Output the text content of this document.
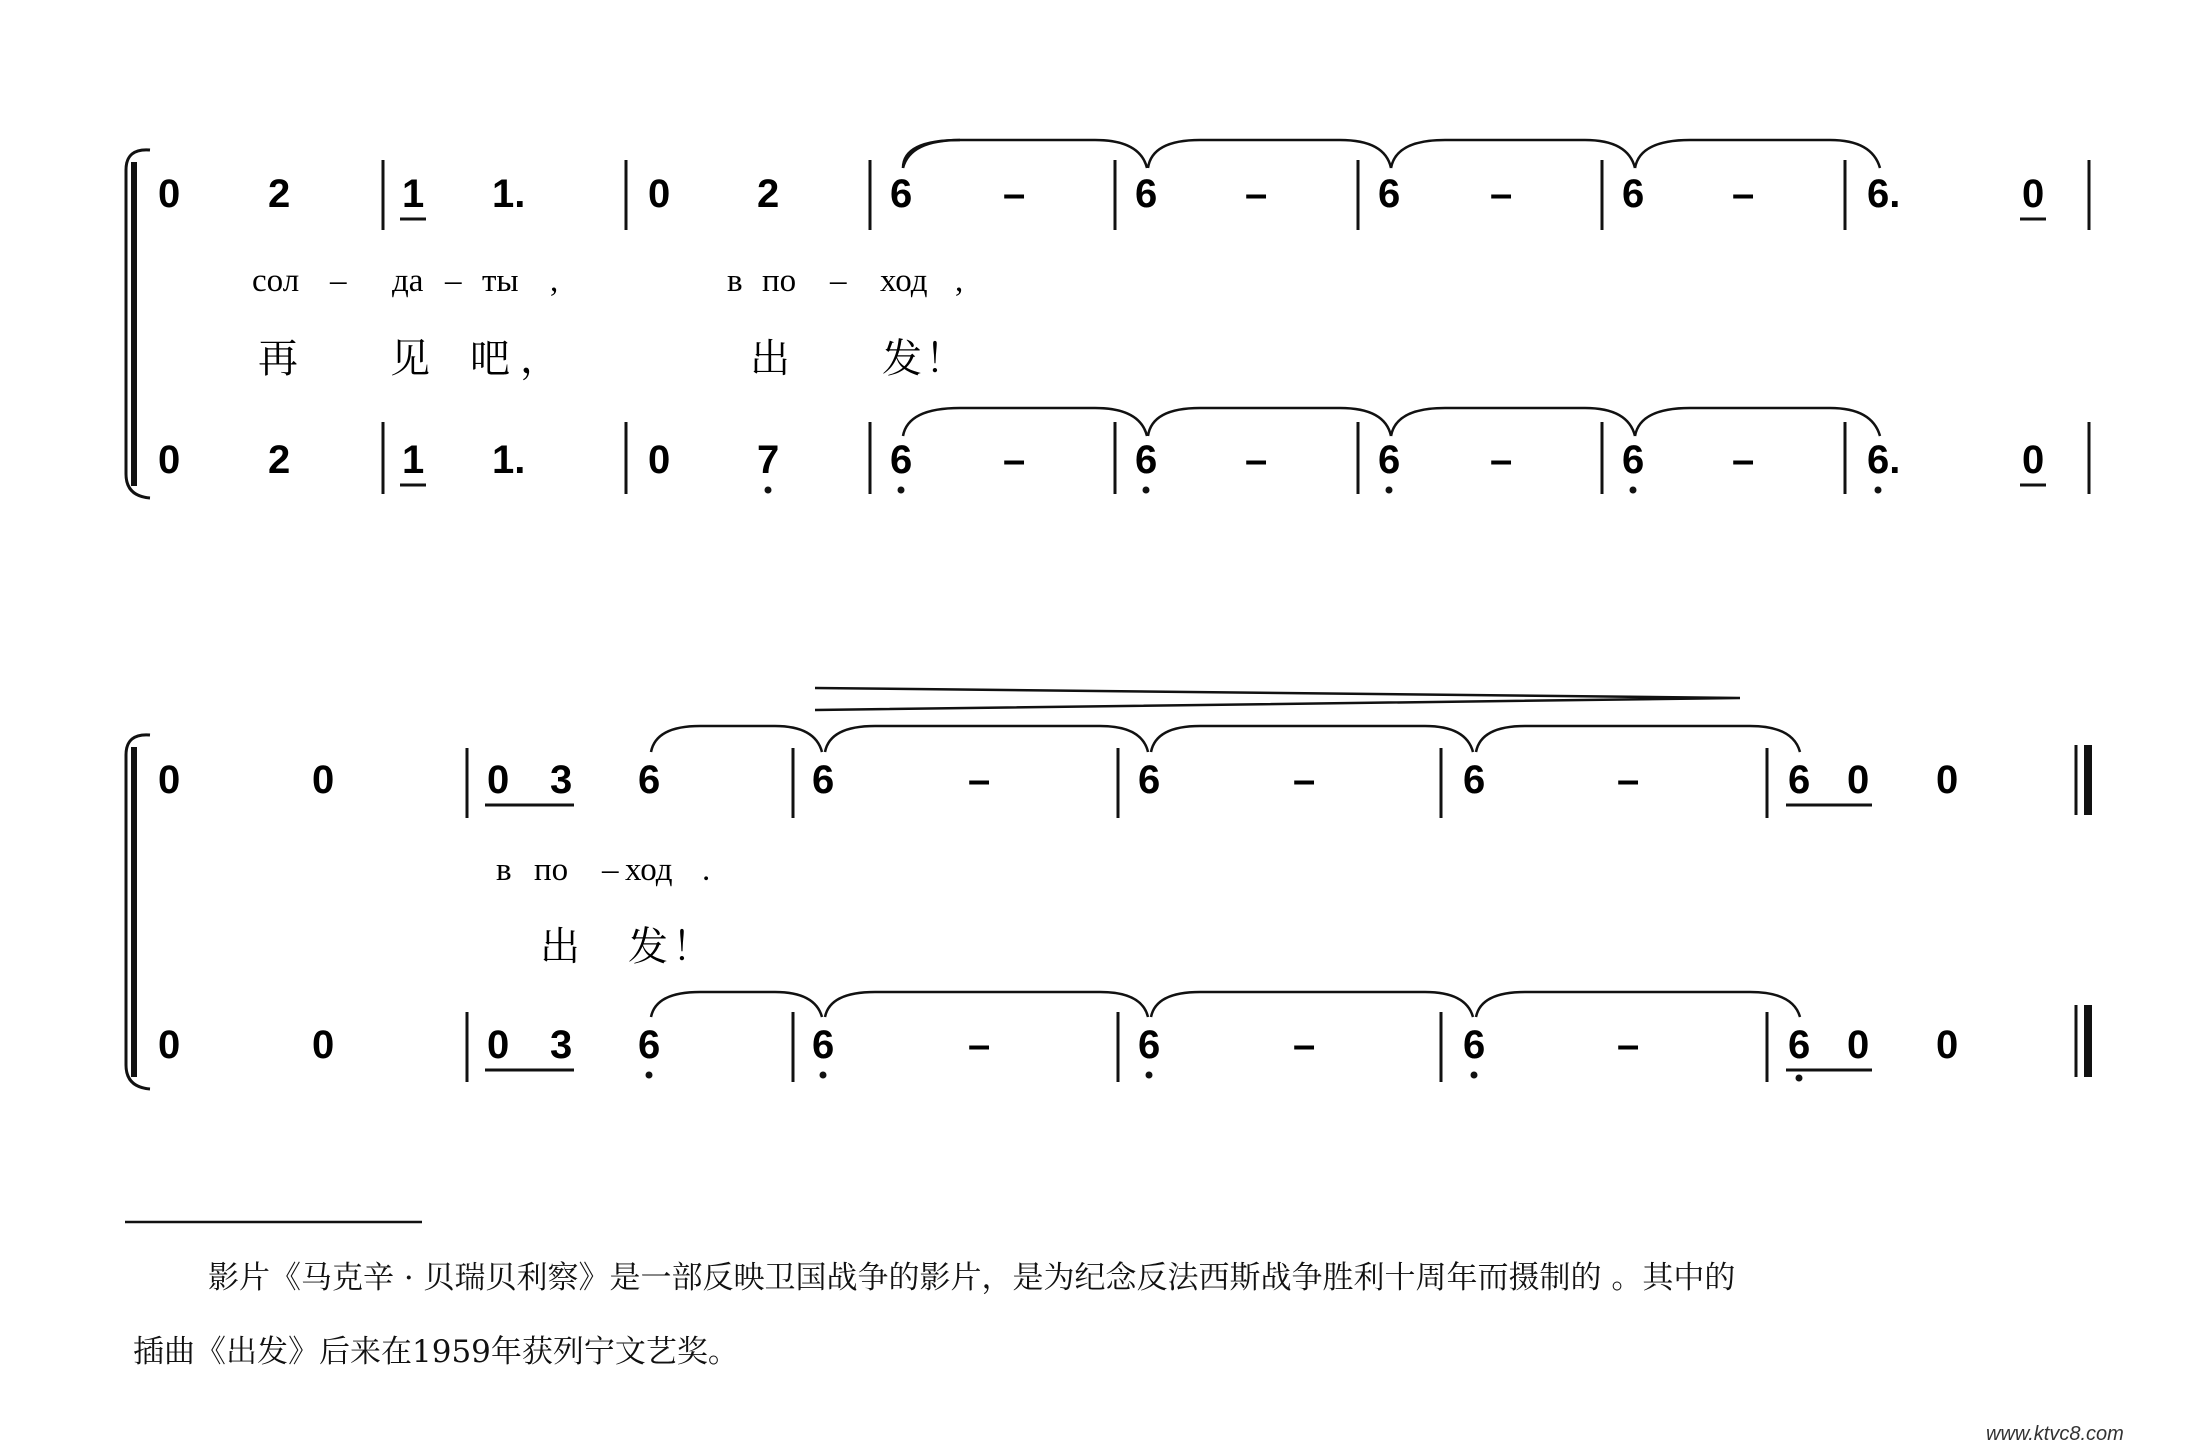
0 2	1 1.	0 2	6 –	6 –	6 –	6 –	6.	0
сол – да – ты ,	в по – ход ,
再 见 吧 ，	出 发 ！
0 2	1 1.	0 7	6 –	6 –	6 –	6 –	6.	0
0	0	0 3 6	6	–	6	–	6	–	6 0 0
в по – ход .
出 发 ！
0	0	0 3 6	6	–	6	–	6	–	6 0 0
影片《马克辛 · 贝瑞贝利察》是一部反映卫国战争的影片，是为纪念反法西斯战争胜利十周年而摄制的 。其中的
插曲《出发》后来在1959年获列宁文艺奖。
www.ktvc8.com
